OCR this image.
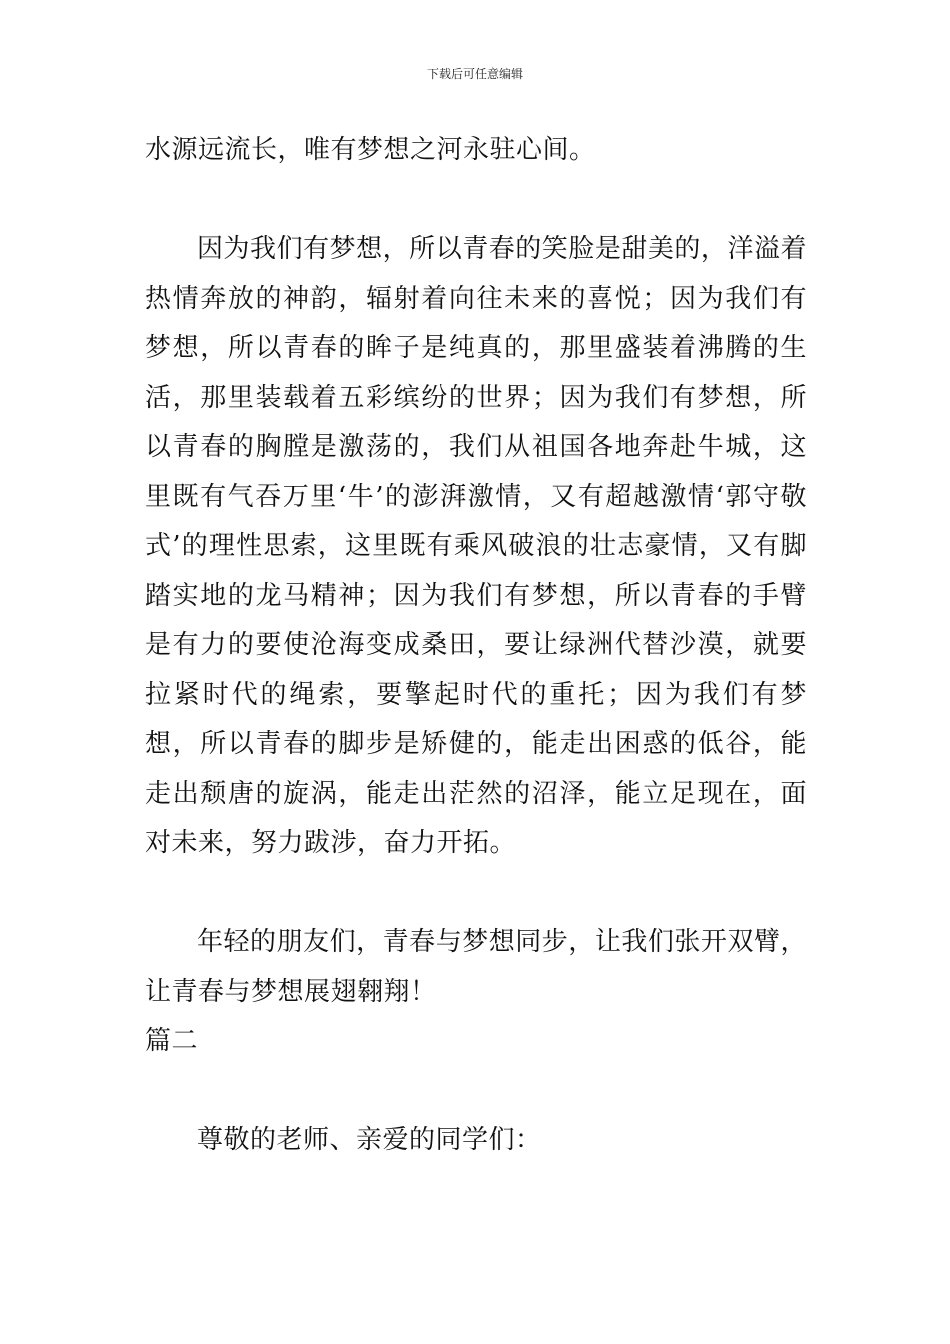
下载后可任意编辑

水源远流长，唯有梦想之河永驻心间。

因为我们有梦想，所以青春的笑脸是甜美的，洋溢着热情奔放的神韵，辐射着向往未来的喜悦；因为我们有梦想，所以青春的眸子是纯真的，那里盛装着沸腾的生活，那里装载着五彩缤纷的世界；因为我们有梦想，所以青春的胸膛是激荡的，我们从祖国各地奔赴牛城，这里既有气吞万里‘牛’的澎湃激情，又有超越激情‘郭守敬式’的理性思索，这里既有乘风破浪的壮志豪情，又有脚踏实地的龙马精神；因为我们有梦想，所以青春的手臂是有力的要使沧海变成桑田，要让绿洲代替沙漠，就要拉紧时代的绳索，要擎起时代的重托；因为我们有梦想，所以青春的脚步是矫健的，能走出困惑的低谷，能走出颓唐的旋涡，能走出茫然的沼泽，能立足现在，面对未来，努力跋涉，奋力开拓。

年轻的朋友们，青春与梦想同步，让我们张开双臂，让青春与梦想展翅翱翔！

篇二

尊敬的老师、亲爱的同学们：
